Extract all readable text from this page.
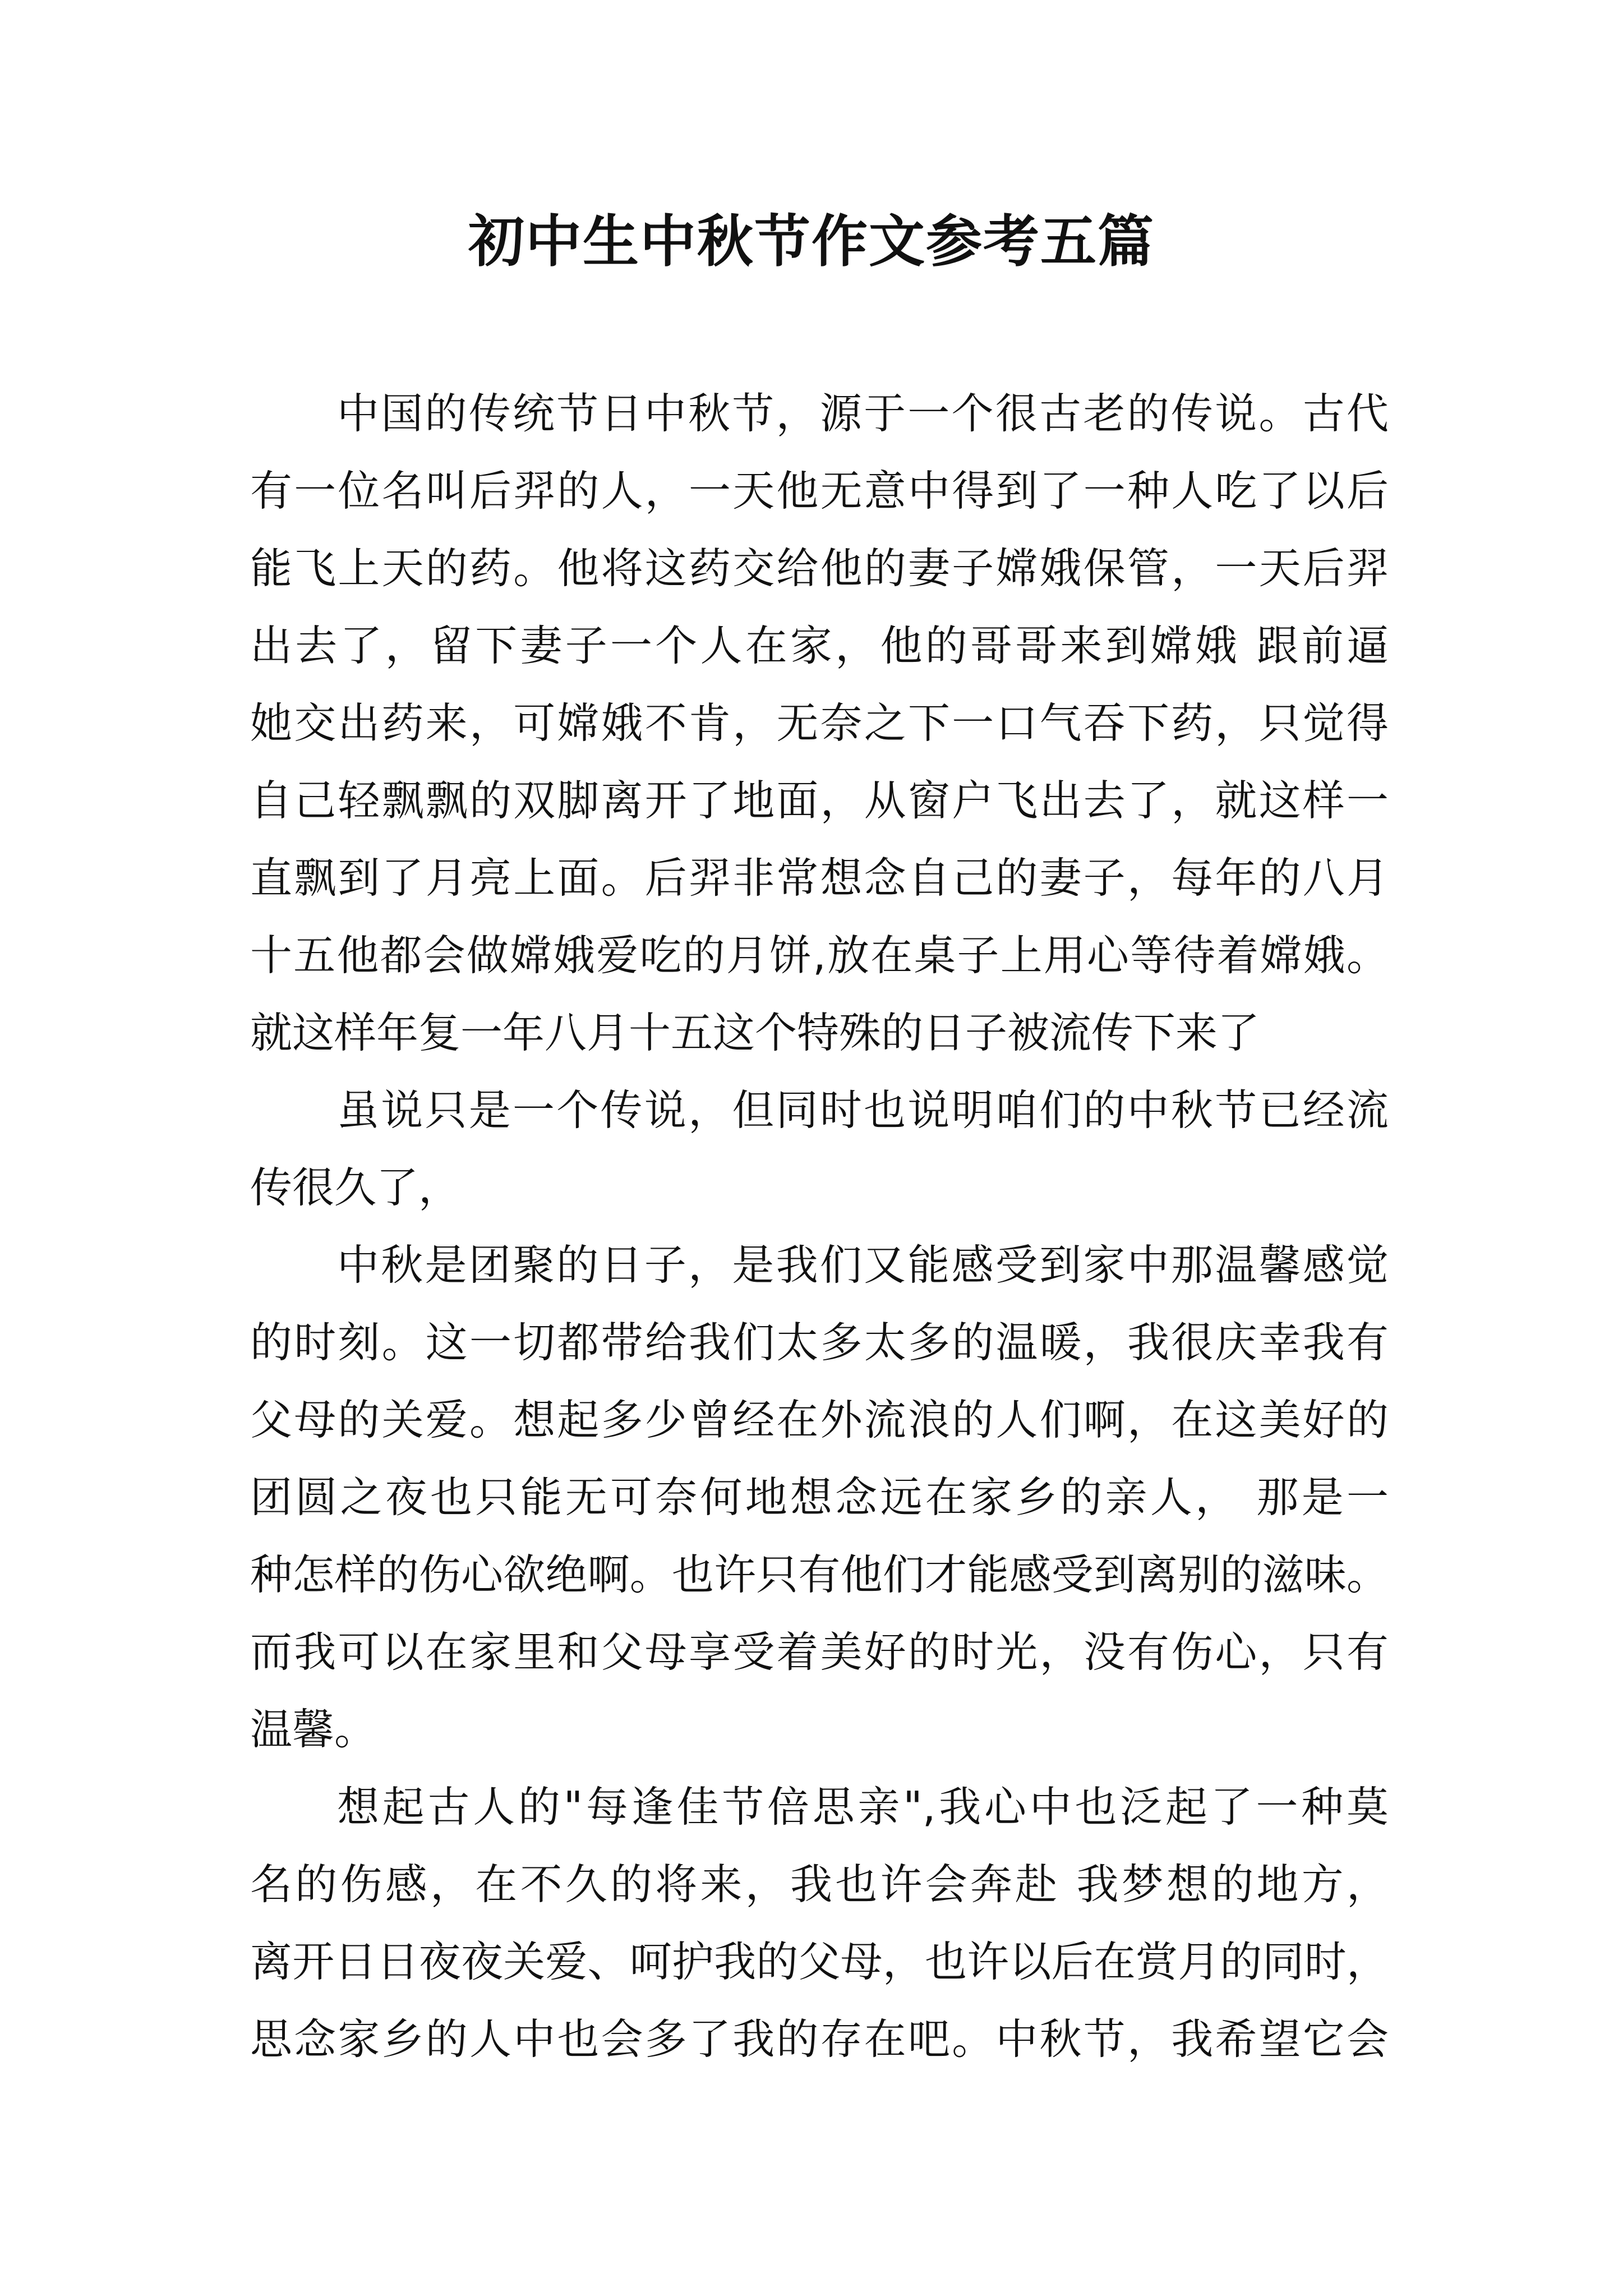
初中生中秋节作文参考五篇
中国的传统节日中秋节，源于一个很古老的传说。古代
有一位名叫后羿的人，一天他无意中得到了一种人吃了以后
能飞上天的药。他将这药交给他的妻子嫦娥保管，一天后羿
出去了，留下妻子一个人在家，他的哥哥来到嫦娥 跟前逼
她交出药来，可嫦娥不肯，无奈之下一口气吞下药，只觉得
自己轻飘飘的双脚离开了地面，从窗户飞出去了，就这样一
直飘到了月亮上面。后羿非常想念自己的妻子，每年的八月
十五他都会做嫦娥爱吃的月饼,放在桌子上用心等待着嫦娥。
就这样年复一年八月十五这个特殊的日子被流传下来了
虽说只是一个传说，但同时也说明咱们的中秋节已经流
传很久了，
中秋是团聚的日子，是我们又能感受到家中那温馨感觉
的时刻。这一切都带给我们太多太多的温暖，我很庆幸我有
父母的关爱。想起多少曾经在外流浪的人们啊，在这美好的
团圆之夜也只能无可奈何地想念远在家乡的亲人， 那是一
种怎样的伤心欲绝啊。也许只有他们才能感受到离别的滋味。
而我可以在家里和父母享受着美好的时光，没有伤心，只有
温馨。
想起古人的"每逢佳节倍思亲",我心中也泛起了一种莫
名的伤感，在不久的将来，我也许会奔赴 我梦想的地方，
离开日日夜夜关爱、呵护我的父母，也许以后在赏月的同时，
思念家乡的人中也会多了我的存在吧。中秋节，我希望它会
